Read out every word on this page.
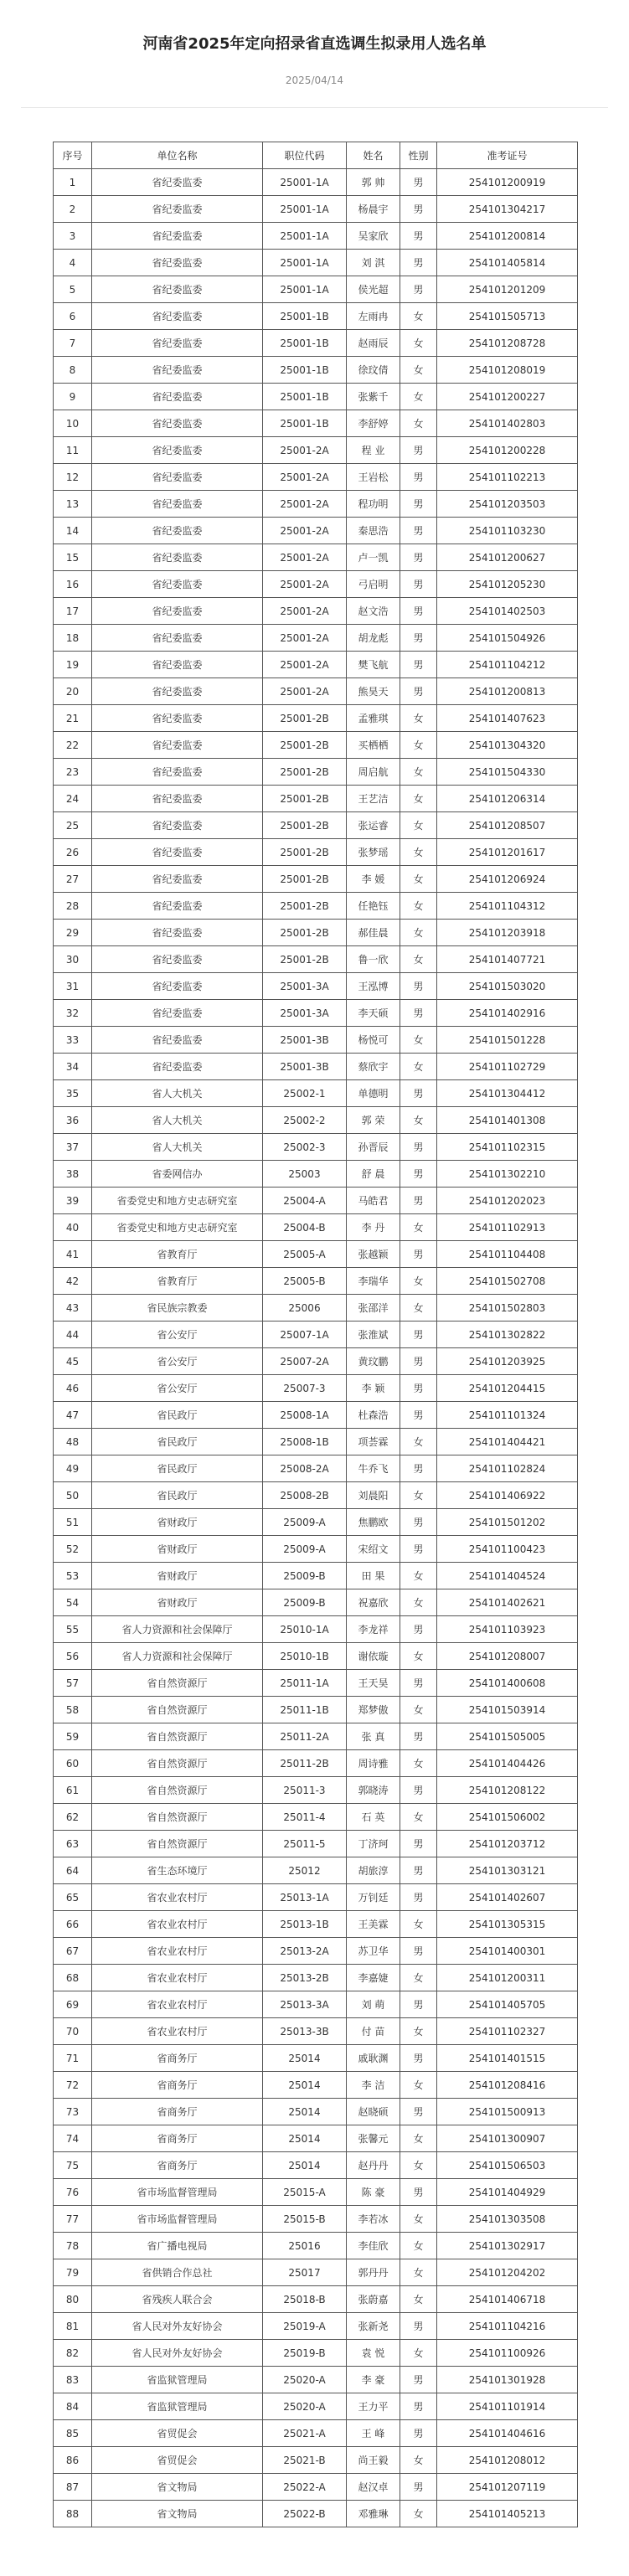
河南省2025年定向招录省直选调生拟录用人选名单
2025/04/14
序号	单位名称	职位代码	姓名	性别	准考证号
1	省纪委监委	25001-1A	郭 帅	男	254101200919
2	省纪委监委	25001-1A	杨晨宇	男	254101304217
3	省纪委监委	25001-1A	吴家欣	男	254101200814
4	省纪委监委	25001-1A	刘 淇	男	254101405814
5	省纪委监委	25001-1A	侯光超	男	254101201209
6	省纪委监委	25001-1B	左雨冉	女	254101505713
7	省纪委监委	25001-1B	赵雨辰	女	254101208728
8	省纪委监委	25001-1B	徐玟倩	女	254101208019
9	省纪委监委	25001-1B	张紫千	女	254101200227
10	省纪委监委	25001-1B	李舒婷	女	254101402803
11	省纪委监委	25001-2A	程 业	男	254101200228
12	省纪委监委	25001-2A	王岩松	男	254101102213
13	省纪委监委	25001-2A	程功明	男	254101203503
14	省纪委监委	25001-2A	秦思浩	男	254101103230
15	省纪委监委	25001-2A	卢一凯	男	254101200627
16	省纪委监委	25001-2A	弓启明	男	254101205230
17	省纪委监委	25001-2A	赵文浩	男	254101402503
18	省纪委监委	25001-2A	胡龙彪	男	254101504926
19	省纪委监委	25001-2A	樊飞航	男	254101104212
20	省纪委监委	25001-2A	熊昊天	男	254101200813
21	省纪委监委	25001-2B	孟雅琪	女	254101407623
22	省纪委监委	25001-2B	买栖栖	女	254101304320
23	省纪委监委	25001-2B	周启航	女	254101504330
24	省纪委监委	25001-2B	王艺洁	女	254101206314
25	省纪委监委	25001-2B	张运睿	女	254101208507
26	省纪委监委	25001-2B	张梦瑶	女	254101201617
27	省纪委监委	25001-2B	李 媛	女	254101206924
28	省纪委监委	25001-2B	任艳钰	女	254101104312
29	省纪委监委	25001-2B	郝佳晨	女	254101203918
30	省纪委监委	25001-2B	鲁一欣	女	254101407721
31	省纪委监委	25001-3A	王泓博	男	254101503020
32	省纪委监委	25001-3A	李天硕	男	254101402916
33	省纪委监委	25001-3B	杨悦可	女	254101501228
34	省纪委监委	25001-3B	蔡欣宇	女	254101102729
35	省人大机关	25002-1	单德明	男	254101304412
36	省人大机关	25002-2	郭 荣	女	254101401308
37	省人大机关	25002-3	孙晋辰	男	254101102315
38	省委网信办	25003	舒 晨	男	254101302210
39	省委党史和地方史志研究室	25004-A	马皓君	男	254101202023
40	省委党史和地方史志研究室	25004-B	李 丹	女	254101102913
41	省教育厅	25005-A	张越颖	男	254101104408
42	省教育厅	25005-B	李瑞华	女	254101502708
43	省民族宗教委	25006	张邵洋	女	254101502803
44	省公安厅	25007-1A	张淮斌	男	254101302822
45	省公安厅	25007-2A	黄玟鹏	男	254101203925
46	省公安厅	25007-3	李 颖	男	254101204415
47	省民政厅	25008-1A	杜森浩	男	254101101324
48	省民政厅	25008-1B	项荟霖	女	254101404421
49	省民政厅	25008-2A	牛乔飞	男	254101102824
50	省民政厅	25008-2B	刘晨阳	女	254101406922
51	省财政厅	25009-A	焦鹏欧	男	254101501202
52	省财政厅	25009-A	宋绍文	男	254101100423
53	省财政厅	25009-B	田 果	女	254101404524
54	省财政厅	25009-B	祝嘉欣	女	254101402621
55	省人力资源和社会保障厅	25010-1A	李龙祥	男	254101103923
56	省人力资源和社会保障厅	25010-1B	谢依璇	女	254101208007
57	省自然资源厅	25011-1A	王天昊	男	254101400608
58	省自然资源厅	25011-1B	郑梦傲	女	254101503914
59	省自然资源厅	25011-2A	张 真	男	254101505005
60	省自然资源厅	25011-2B	周诗雅	女	254101404426
61	省自然资源厅	25011-3	郭晓涛	男	254101208122
62	省自然资源厅	25011-4	石 英	女	254101506002
63	省自然资源厅	25011-5	丁济珂	男	254101203712
64	省生态环境厅	25012	胡旅淳	男	254101303121
65	省农业农村厅	25013-1A	万钊廷	男	254101402607
66	省农业农村厅	25013-1B	王美霖	女	254101305315
67	省农业农村厅	25013-2A	苏卫华	男	254101400301
68	省农业农村厅	25013-2B	李嘉婕	女	254101200311
69	省农业农村厅	25013-3A	刘 萌	男	254101405705
70	省农业农村厅	25013-3B	付 苗	女	254101102327
71	省商务厅	25014	戚耿渊	男	254101401515
72	省商务厅	25014	李 洁	女	254101208416
73	省商务厅	25014	赵晓硕	男	254101500913
74	省商务厅	25014	张馨元	女	254101300907
75	省商务厅	25014	赵丹丹	女	254101506503
76	省市场监督管理局	25015-A	陈 豪	男	254101404929
77	省市场监督管理局	25015-B	李若冰	女	254101303508
78	省广播电视局	25016	李佳欣	女	254101302917
79	省供销合作总社	25017	郭丹丹	女	254101204202
80	省残疾人联合会	25018-B	张蔚嘉	女	254101406718
81	省人民对外友好协会	25019-A	张新尧	男	254101104216
82	省人民对外友好协会	25019-B	袁 悦	女	254101100926
83	省监狱管理局	25020-A	李 豪	男	254101301928
84	省监狱管理局	25020-A	王力平	男	254101101914
85	省贸促会	25021-A	王 峰	男	254101404616
86	省贸促会	25021-B	尚王毅	女	254101208012
87	省文物局	25022-A	赵汉卓	男	254101207119
88	省文物局	25022-B	邓雅琳	女	254101405213
